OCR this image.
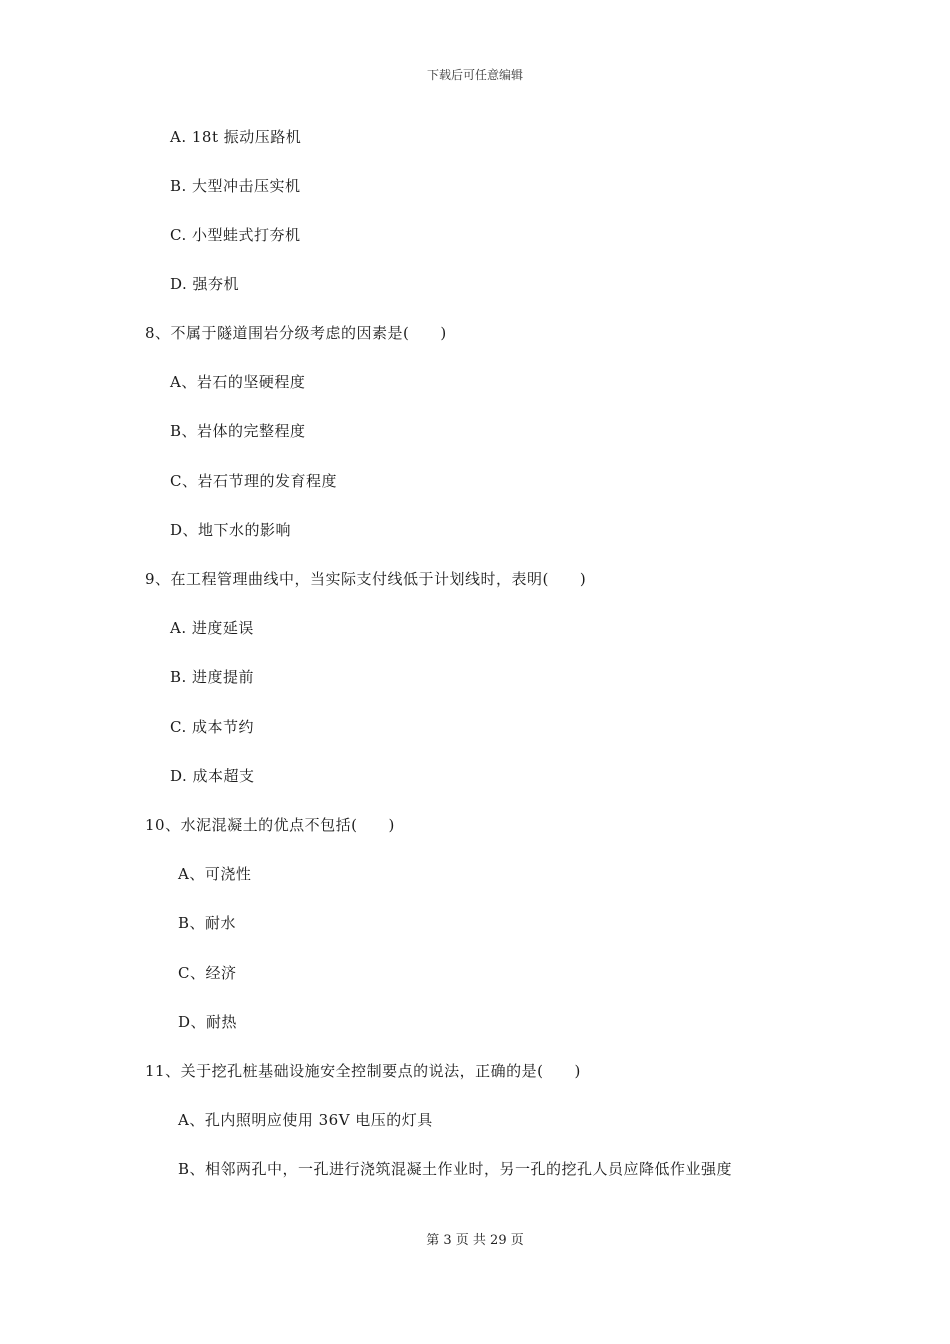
下载后可任意编辑
A. 18t 振动压路机
B. 大型冲击压实机
C. 小型蛙式打夯机
D. 强夯机
8、不属于隧道围岩分级考虑的因素是(　　)
A、岩石的坚硬程度
B、岩体的完整程度
C、岩石节理的发育程度
D、地下水的影响
9、在工程管理曲线中，当实际支付线低于计划线时，表明(　　)
A. 进度延误
B. 进度提前
C. 成本节约
D. 成本超支
10、水泥混凝土的优点不包括(　　)
A、可浇性
B、耐水
C、经济
D、耐热
11、关于挖孔桩基础设施安全控制要点的说法，正确的是(　　)
A、孔内照明应使用 36V 电压的灯具
B、相邻两孔中，一孔进行浇筑混凝土作业时，另一孔的挖孔人员应降低作业强度
第 3 页 共 29 页
